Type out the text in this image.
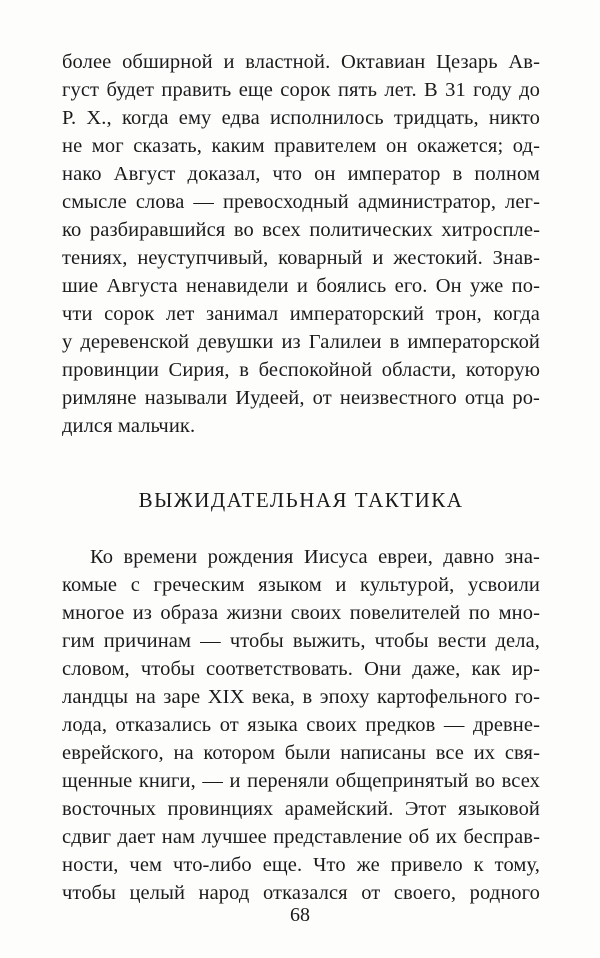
более обширной и властной. Октавиан Цезарь Ав-
густ будет править еще сорок пять лет. В 31 году до
Р. Х., когда ему едва исполнилось тридцать, никто
не мог сказать, каким правителем он окажется; од-
нако Август доказал, что он император в полном
смысле слова — превосходный администратор, лег-
ко разбиравшийся во всех политических хитроспле-
тениях, неуступчивый, коварный и жестокий. Знав-
шие Августа ненавидели и боялись его. Он уже по-
чти сорок лет занимал императорский трон, когда
у деревенской девушки из Галилеи в императорской
провинции Сирия, в беспокойной области, которую
римляне называли Иудеей, от неизвестного отца ро-
дился мальчик.
ВЫЖИДАТЕЛЬНАЯ ТАКТИКА
Ко времени рождения Иисуса евреи, давно зна-
комые с греческим языком и культурой, усвоили
многое из образа жизни своих повелителей по мно-
гим причинам — чтобы выжить, чтобы вести дела,
словом, чтобы соответствовать. Они даже, как ир-
ландцы на заре XIX века, в эпоху картофельного го-
лода, отказались от языка своих предков — древне-
еврейского, на котором были написаны все их свя-
щенные книги, — и переняли общепринятый во всех
восточных провинциях арамейский. Этот языковой
сдвиг дает нам лучшее представление об их бесправ-
ности, чем что-либо еще. Что же привело к тому,
чтобы целый народ отказался от своего, родного
68
